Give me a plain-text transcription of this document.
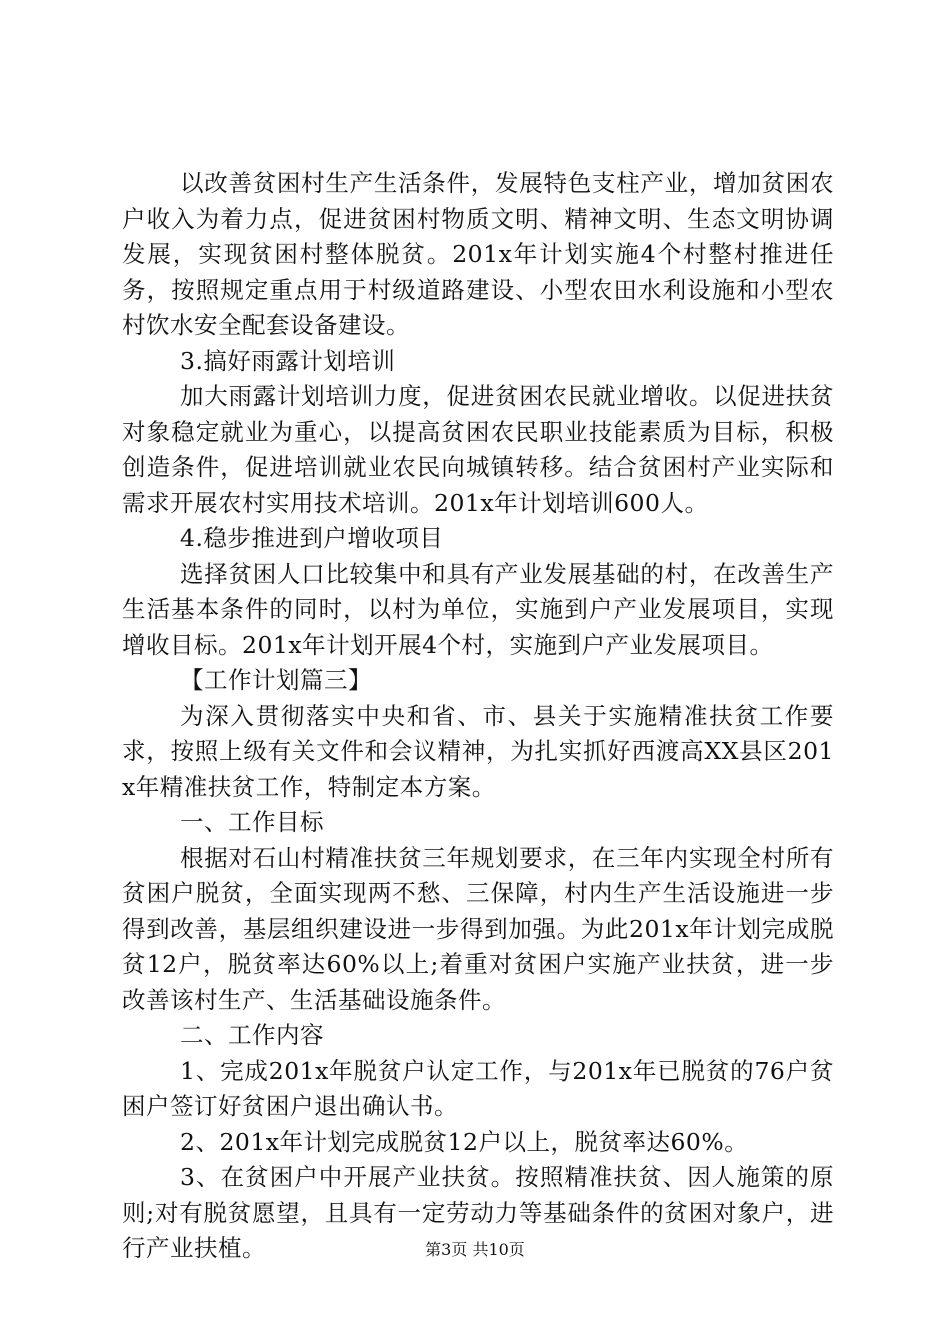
以改善贫困村生产生活条件，发展特色支柱产业，增加贫困农户收入为着力点，促进贫困村物质文明、精神文明、生态文明协调发展，实现贫困村整体脱贫。201x年计划实施4个村整村推进任务，按照规定重点用于村级道路建设、小型农田水利设施和小型农村饮水安全配套设备建设。

3.搞好雨露计划培训

加大雨露计划培训力度，促进贫困农民就业增收。以促进扶贫对象稳定就业为重心，以提高贫困农民职业技能素质为目标，积极创造条件，促进培训就业农民向城镇转移。结合贫困村产业实际和需求开展农村实用技术培训。201x年计划培训600人。

4.稳步推进到户增收项目

选择贫困人口比较集中和具有产业发展基础的村，在改善生产生活基本条件的同时，以村为单位，实施到户产业发展项目，实现增收目标。201x年计划开展4个村，实施到户产业发展项目。

【工作计划篇三】

为深入贯彻落实中央和省、市、县关于实施精准扶贫工作要求，按照上级有关文件和会议精神，为扎实抓好西渡高XX县区201x年精准扶贫工作，特制定本方案。

一、工作目标

根据对石山村精准扶贫三年规划要求，在三年内实现全村所有贫困户脱贫，全面实现两不愁、三保障，村内生产生活设施进一步得到改善，基层组织建设进一步得到加强。为此201x年计划完成脱贫12户，脱贫率达60%以上;着重对贫困户实施产业扶贫，进一步改善该村生产、生活基础设施条件。

二、工作内容

1、完成201x年脱贫户认定工作，与201x年已脱贫的76户贫困户签订好贫困户退出确认书。

2、201x年计划完成脱贫12户以上，脱贫率达60%。

3、在贫困户中开展产业扶贫。按照精准扶贫、因人施策的原则;对有脱贫愿望，且具有一定劳动力等基础条件的贫困对象户，进行产业扶植。	第3页 共10页
